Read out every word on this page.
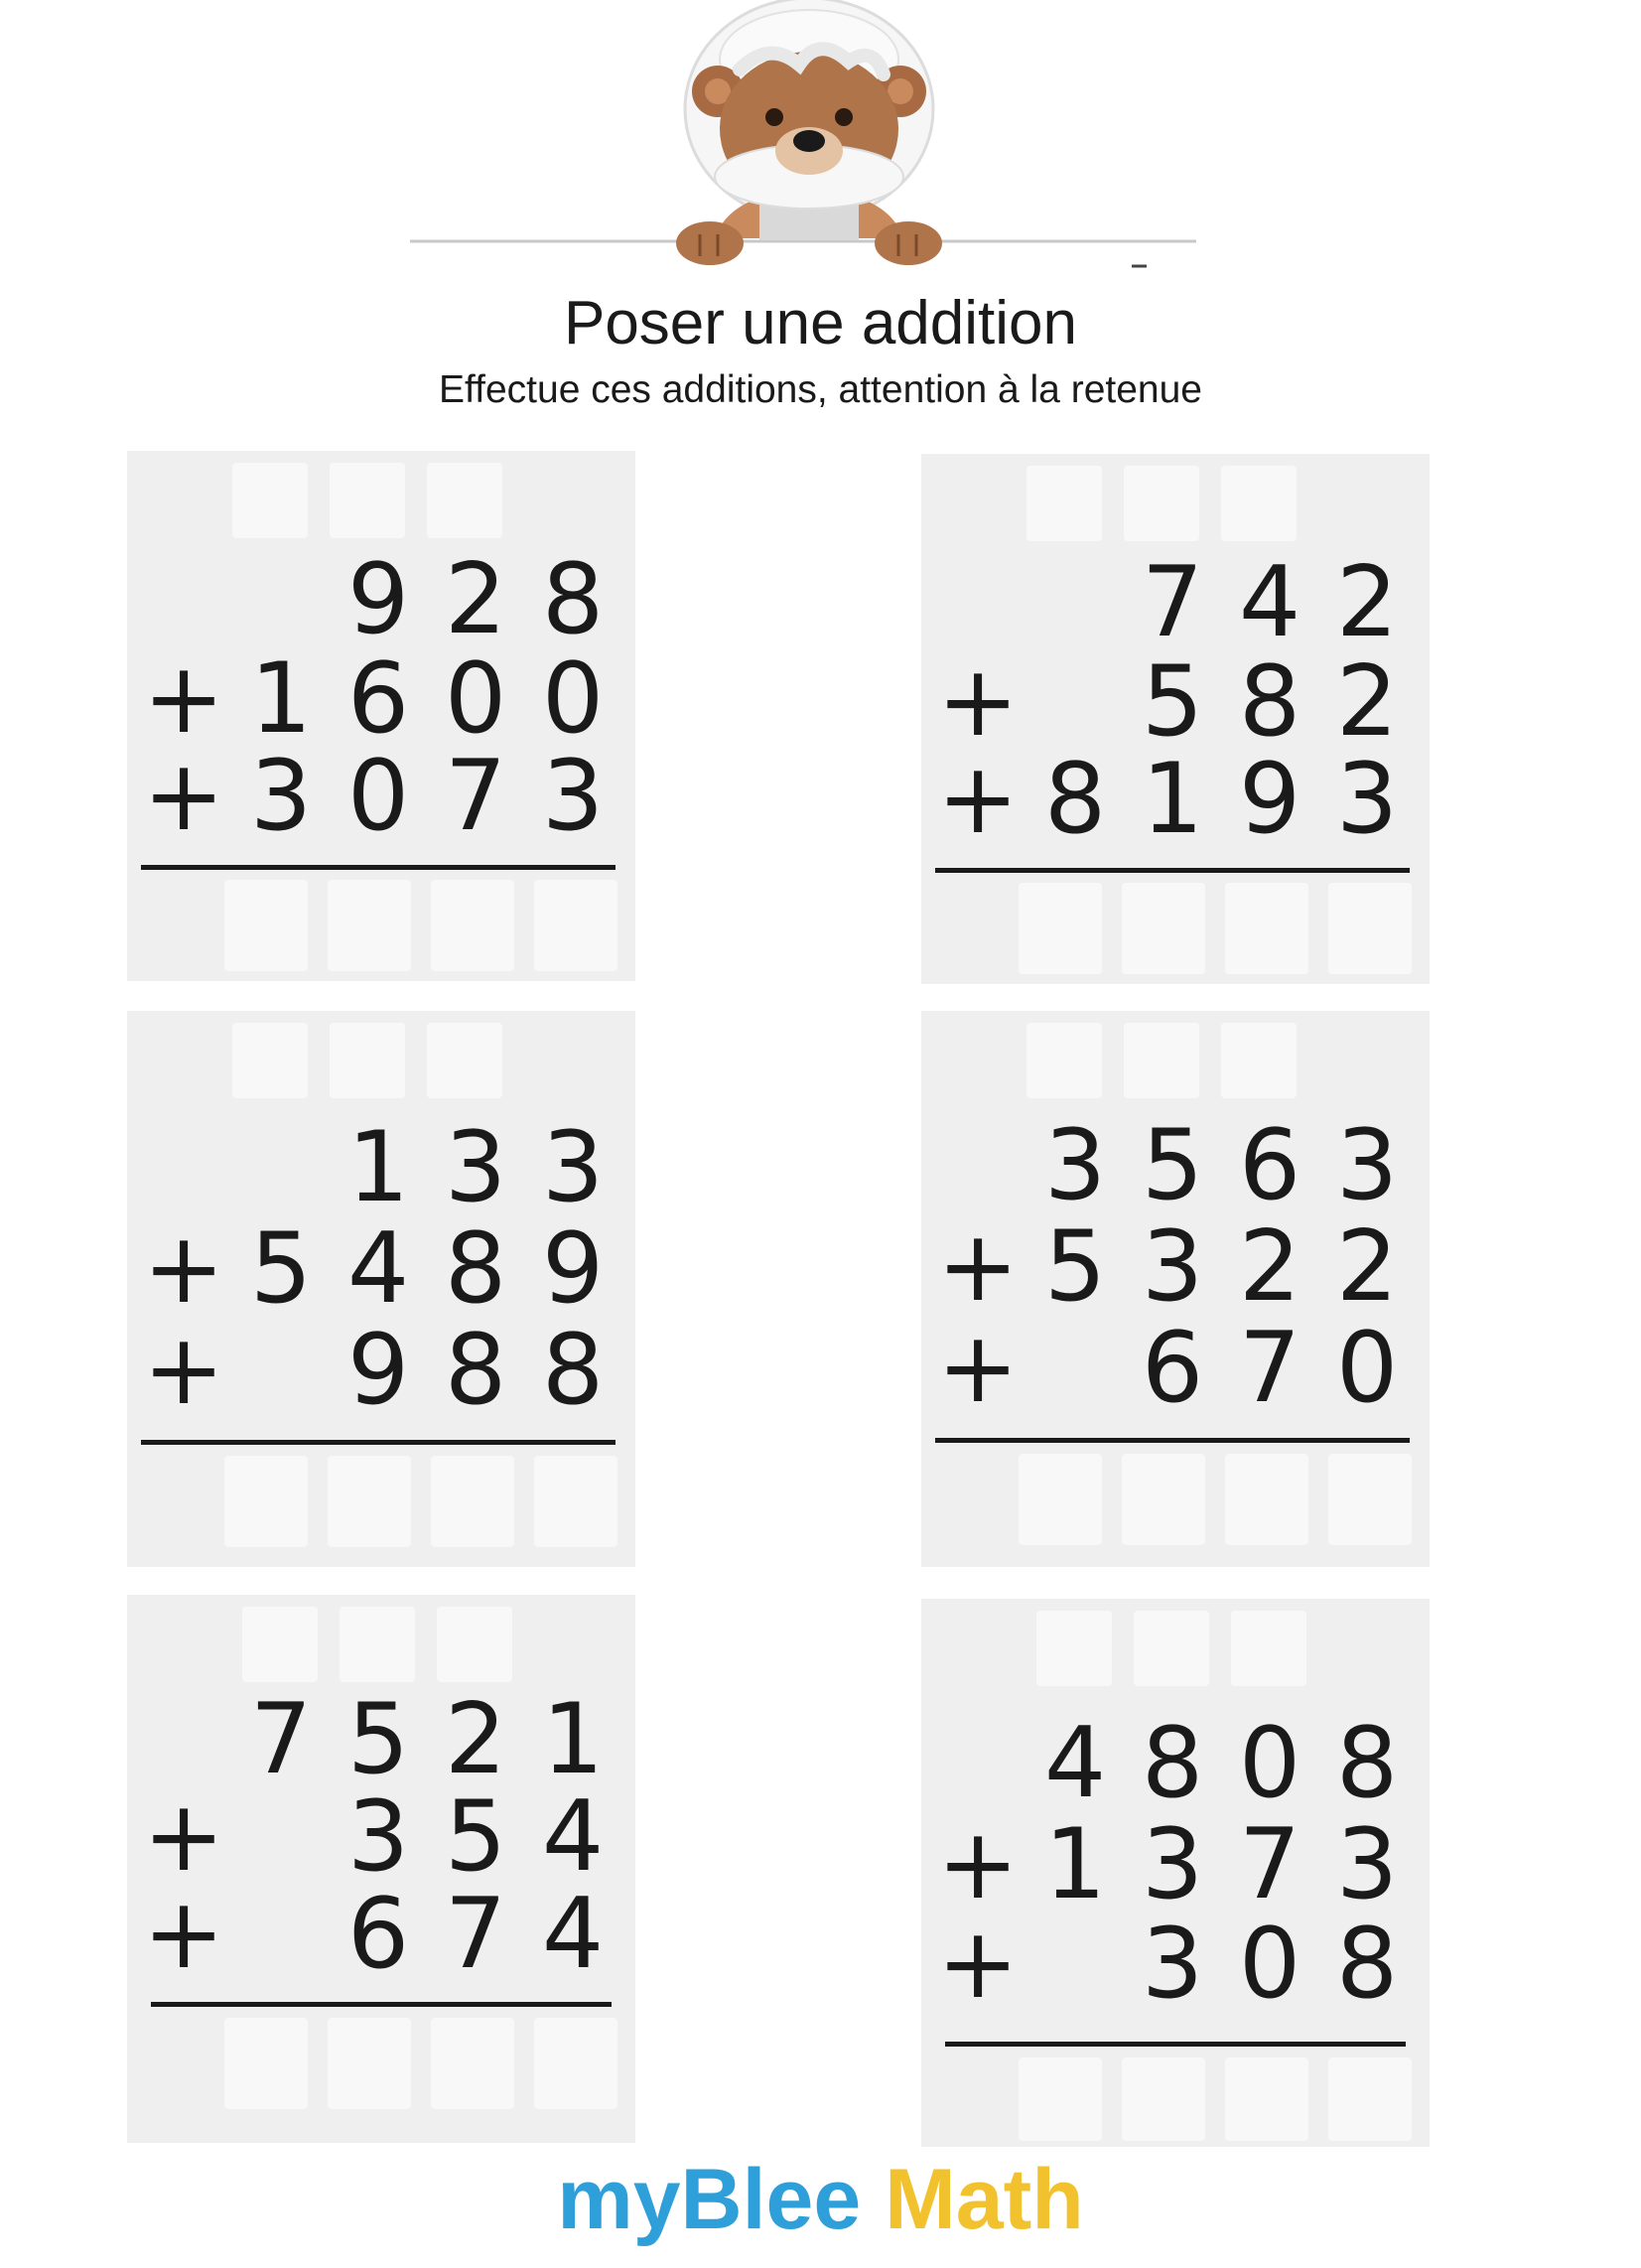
Poser une addition
Effectue ces additions, attention à la retenue
9 2 8
+ 1 6 0 0
+ 3 0 7 3
7 4 2
+ 5 8 2
+ 8 1 9 3
1 3 3
+ 5 4 8 9
+ 9 8 8
3 5 6 3
+ 5 3 2 2
+ 6 7 0
7 5 2 1
+ 3 5 4
+ 6 7 4
4 8 0 8
+ 1 3 7 3
+ 3 0 8
myBlee Math
